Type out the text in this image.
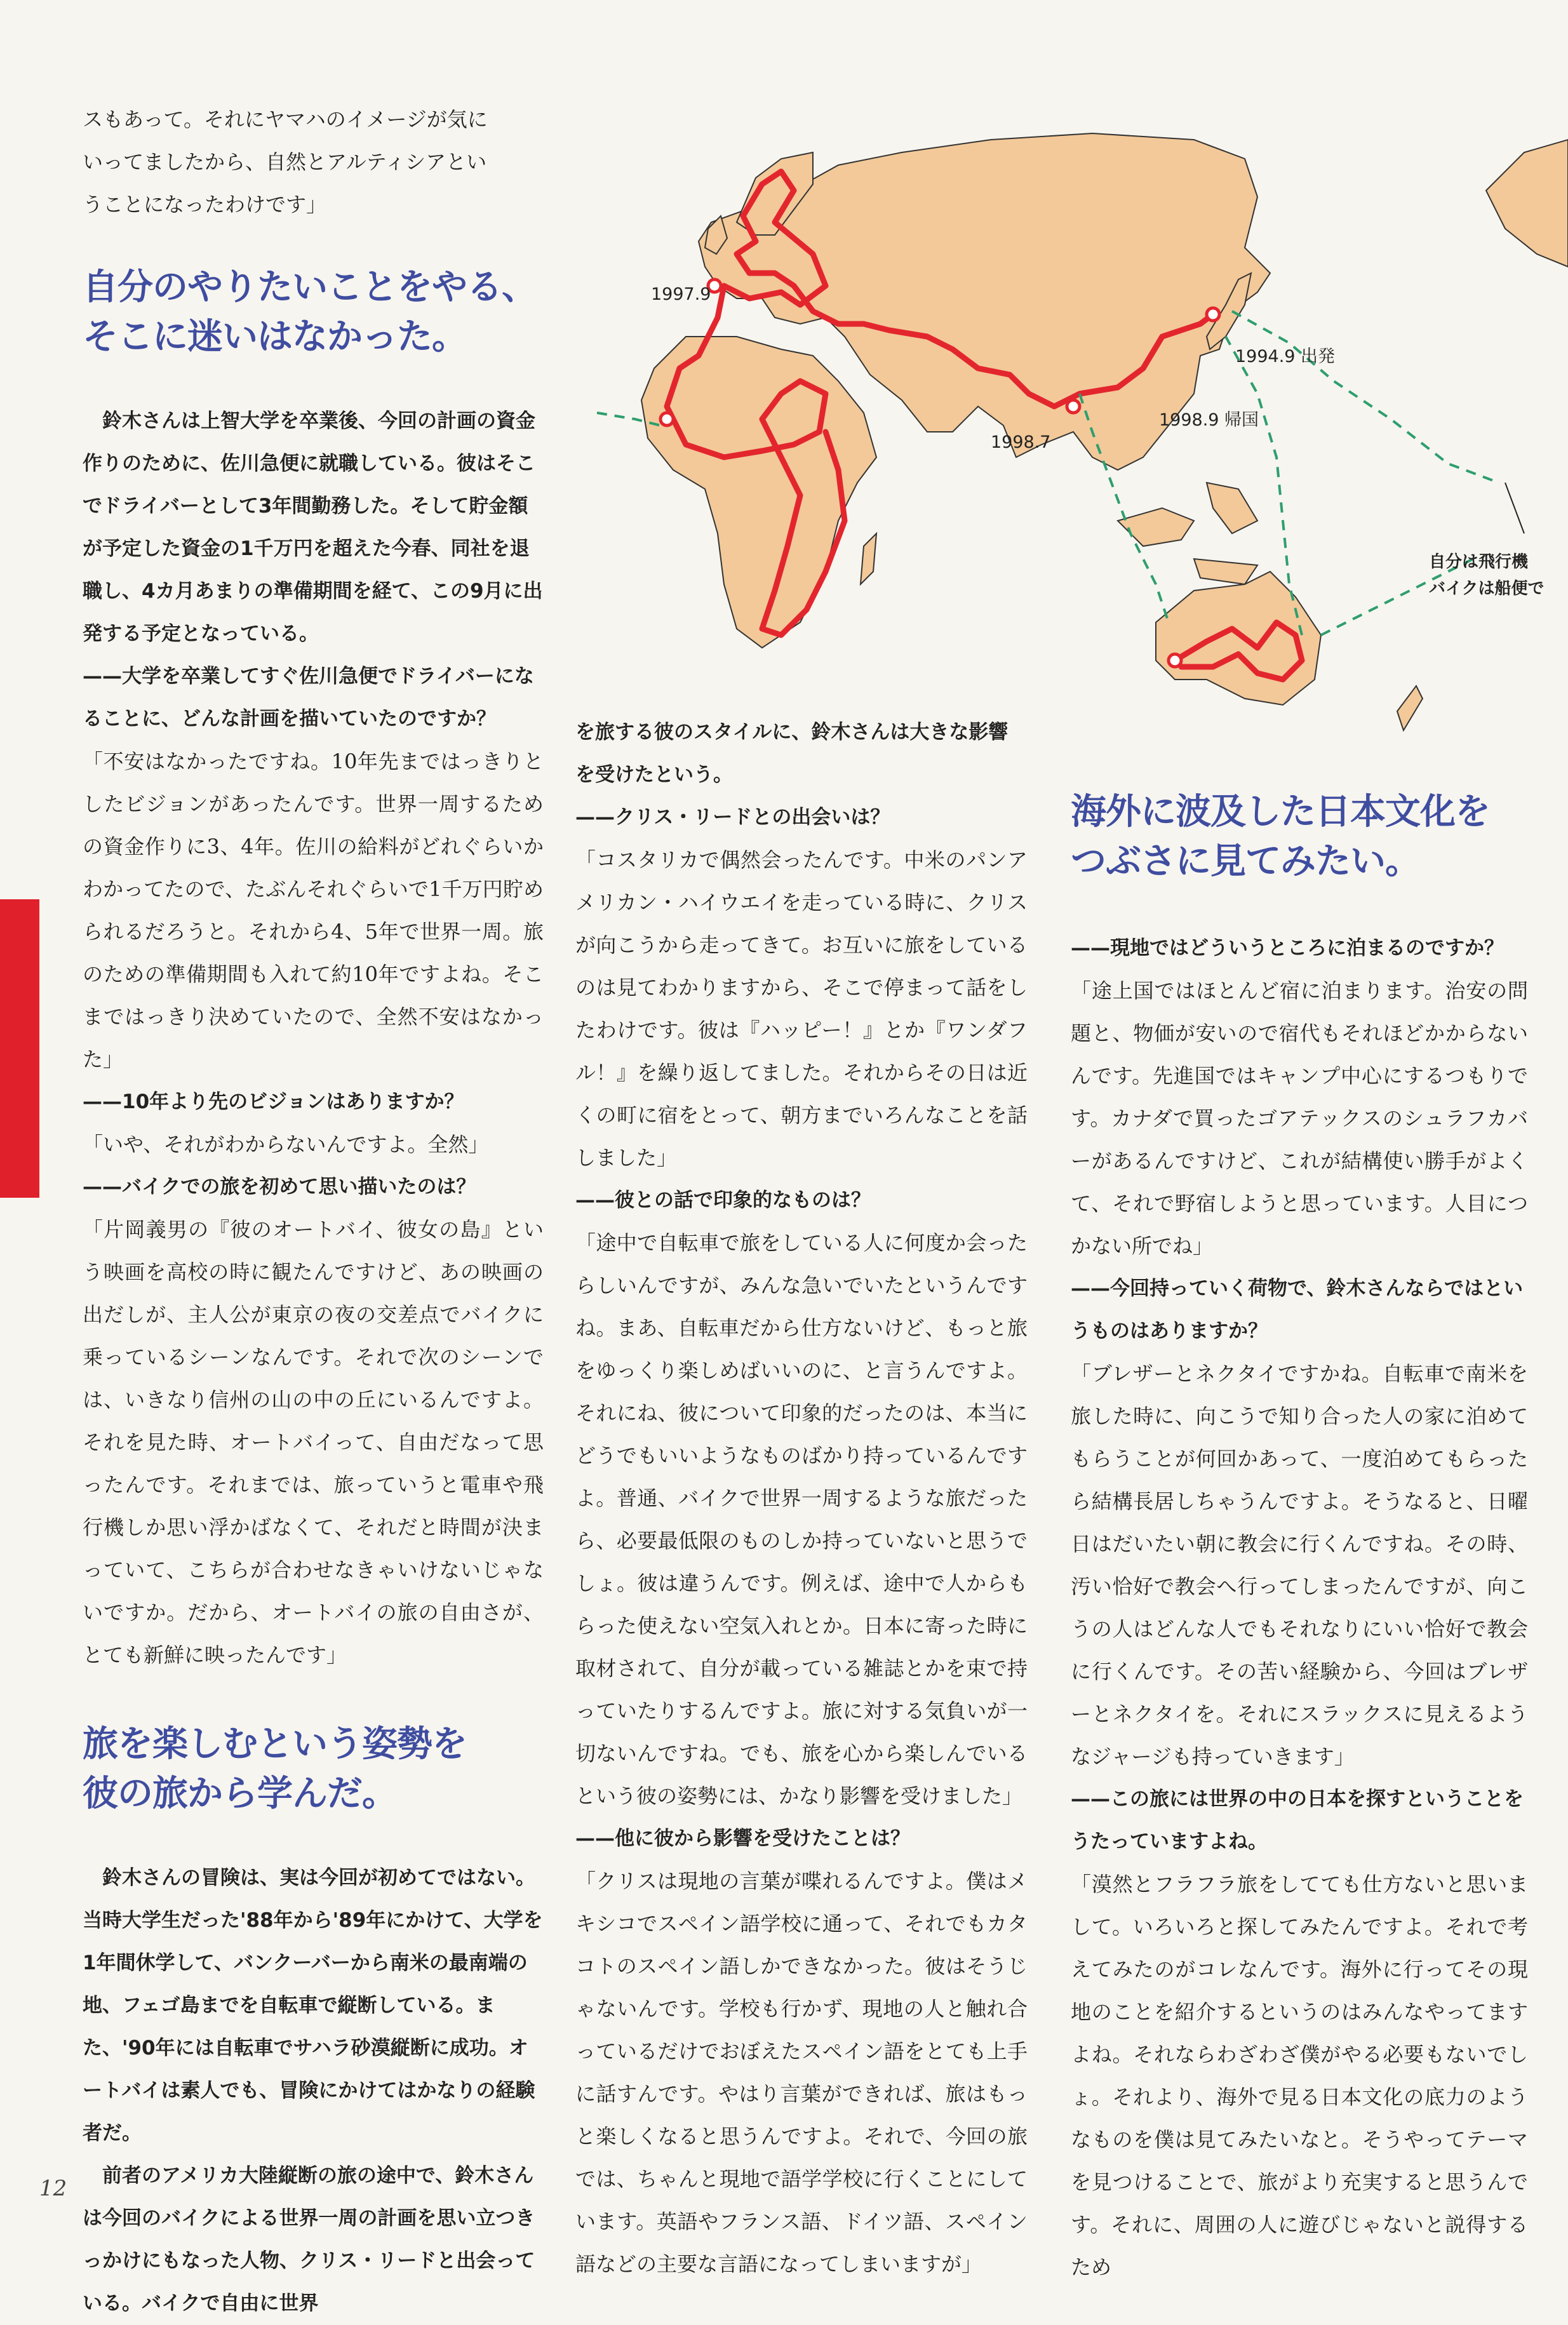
1997.9
1998.7
1994.9 出発
1998.9 帰国
自分は飛行機
バイクは船便で

スもあって。それにヤマハのイメージが気に

いってましたから、自然とアルティシアとい

うことになったわけです」

自分のやりたいことをやる、

そこに迷いはなかった。

鈴木さんは上智大学を卒業後、今回の計画の資金作りのために、佐川急便に就職している。彼はそこでドライバーとして3年間勤務した。そして貯金額が予定した資金の1千万円を超えた今春、同社を退職し、4カ月あまりの準備期間を経て、この9月に出発する予定となっている。

——大学を卒業してすぐ佐川急便でドライバーになることに、どんな計画を描いていたのですか？

「不安はなかったですね。10年先まではっきりとしたビジョンがあったんです。世界一周するための資金作りに3、4年。佐川の給料がどれぐらいかわかってたので、たぶんそれぐらいで1千万円貯められるだろうと。それから4、5年で世界一周。旅のための準備期間も入れて約10年ですよね。そこまではっきり決めていたので、全然不安はなかった」

——10年より先のビジョンはありますか？

「いや、それがわからないんですよ。全然」

——バイクでの旅を初めて思い描いたのは？

「片岡義男の『彼のオートバイ、彼女の島』という映画を高校の時に観たんですけど、あの映画の出だしが、主人公が東京の夜の交差点でバイクに乗っているシーンなんです。それで次のシーンでは、いきなり信州の山の中の丘にいるんですよ。それを見た時、オートバイって、自由だなって思ったんです。それまでは、旅っていうと電車や飛行機しか思い浮かばなくて、それだと時間が決まっていて、こちらが合わせなきゃいけないじゃないですか。だから、オートバイの旅の自由さが、とても新鮮に映ったんです」

旅を楽しむという姿勢を

彼の旅から学んだ。

鈴木さんの冒険は、実は今回が初めてではない。当時大学生だった'88年から'89年にかけて、大学を1年間休学して、バンクーバーから南米の最南端の地、フェゴ島までを自転車で縦断している。また、'90年には自転車でサハラ砂漠縦断に成功。オートバイは素人でも、冒険にかけてはかなりの経験者だ。

前者のアメリカ大陸縦断の旅の途中で、鈴木さんは今回のバイクによる世界一周の計画を思い立つきっかけにもなった人物、クリス・リードと出会っている。バイクで自由に世界

を旅する彼のスタイルに、鈴木さんは大きな影響を受けたという。

——クリス・リードとの出会いは？

「コスタリカで偶然会ったんです。中米のパンアメリカン・ハイウエイを走っている時に、クリスが向こうから走ってきて。お互いに旅をしているのは見てわかりますから、そこで停まって話をしたわけです。彼は『ハッピー！』とか『ワンダフル！』を繰り返してました。それからその日は近くの町に宿をとって、朝方までいろんなことを話しました」

——彼との話で印象的なものは？

「途中で自転車で旅をしている人に何度か会ったらしいんですが、みんな急いでいたというんですね。まあ、自転車だから仕方ないけど、もっと旅をゆっくり楽しめばいいのに、と言うんですよ。それにね、彼について印象的だったのは、本当にどうでもいいようなものばかり持っているんですよ。普通、バイクで世界一周するような旅だったら、必要最低限のものしか持っていないと思うでしょ。彼は違うんです。例えば、途中で人からもらった使えない空気入れとか。日本に寄った時に取材されて、自分が載っている雑誌とかを束で持っていたりするんですよ。旅に対する気負いが一切ないんですね。でも、旅を心から楽しんでいるという彼の姿勢には、かなり影響を受けました」

——他に彼から影響を受けたことは？

「クリスは現地の言葉が喋れるんですよ。僕はメキシコでスペイン語学校に通って、それでもカタコトのスペイン語しかできなかった。彼はそうじゃないんです。学校も行かず、現地の人と触れ合っているだけでおぼえたスペイン語をとても上手に話すんです。やはり言葉ができれば、旅はもっと楽しくなると思うんですよ。それで、今回の旅では、ちゃんと現地で語学学校に行くことにしています。英語やフランス語、ドイツ語、スペイン語などの主要な言語になってしまいますが」

海外に波及した日本文化を

つぶさに見てみたい。

——現地ではどういうところに泊まるのですか？

「途上国ではほとんど宿に泊まります。治安の問題と、物価が安いので宿代もそれほどかからないんです。先進国ではキャンプ中心にするつもりです。カナダで買ったゴアテックスのシュラフカバーがあるんですけど、これが結構使い勝手がよくて、それで野宿しようと思っています。人目につかない所でね」

——今回持っていく荷物で、鈴木さんならではというものはありますか？

「ブレザーとネクタイですかね。自転車で南米を旅した時に、向こうで知り合った人の家に泊めてもらうことが何回かあって、一度泊めてもらったら結構長居しちゃうんですよ。そうなると、日曜日はだいたい朝に教会に行くんですね。その時、汚い恰好で教会へ行ってしまったんですが、向こうの人はどんな人でもそれなりにいい恰好で教会に行くんです。その苦い経験から、今回はブレザーとネクタイを。それにスラックスに見えるようなジャージも持っていきます」

——この旅には世界の中の日本を探すということをうたっていますよね。

「漠然とフラフラ旅をしてても仕方ないと思いまして。いろいろと探してみたんですよ。それで考えてみたのがコレなんです。海外に行ってその現地のことを紹介するというのはみんなやってますよね。それならわざわざ僕がやる必要もないでしょ。それより、海外で見る日本文化の底力のようなものを僕は見てみたいなと。そうやってテーマを見つけることで、旅がより充実すると思うんです。それに、周囲の人に遊びじゃないと説得するため

12
